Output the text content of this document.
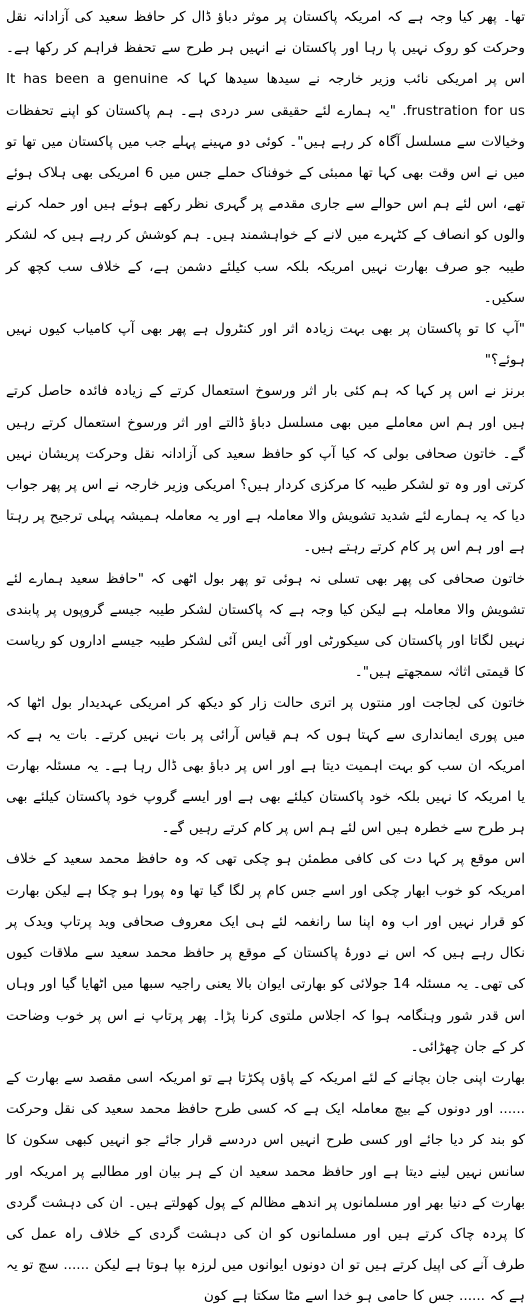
تھا۔ پھر کیا وجہ ہے کہ امریکہ پاکستان پر موثر دباؤ ڈال کر حافظ سعید کی آزادانہ نقل وحرکت کو روک نہیں پا رہا اور پاکستان نے انہیں ہر طرح سے تحفظ فراہم کر رکھا ہے۔ اس پر امریکی نائب وزیر خارجہ نے سیدھا سیدھا کہا کہ It has been a genuine frustration for us. "یہ ہمارے لئے حقیقی سر دردی ہے۔ ہم پاکستان کو اپنے تحفظات وخیالات سے مسلسل آگاہ کر رہے ہیں"۔ کوئی دو مہینے پہلے جب میں پاکستان میں تھا تو میں نے اس وقت بھی کہا تھا ممبئی کے خوفناک حملے جس میں 6 امریکی بھی ہلاک ہوئے تھے، اس لئے ہم اس حوالے سے جاری مقدمے پر گہری نظر رکھے ہوئے ہیں اور حملہ کرنے والوں کو انصاف کے کٹہرے میں لانے کے خواہشمند ہیں۔ ہم کوشش کر رہے ہیں کہ لشکر طیبہ جو صرف بھارت نہیں امریکہ بلکہ سب کیلئے دشمن ہے، کے خلاف سب کچھ کر سکیں۔

"آپ کا تو پاکستان پر بھی بہت زیادہ اثر اور کنٹرول ہے پھر بھی آپ کامیاب کیوں نہیں ہوئے؟"

برنز نے اس پر کہا کہ ہم کئی بار اثر ورسوخ استعمال کرتے کے زیادہ فائدہ حاصل کرتے ہیں اور ہم اس معاملے میں بھی مسلسل دباؤ ڈالتے اور اثر ورسوخ استعمال کرتے رہیں گے۔ خاتون صحافی بولی کہ کیا آپ کو حافظ سعید کی آزادانہ نقل وحرکت پریشان نہیں کرتی اور وہ تو لشکر طیبہ کا مرکزی کردار ہیں؟ امریکی وزیر خارجہ نے اس پر پھر جواب دیا کہ یہ ہمارے لئے شدید تشویش والا معاملہ ہے اور یہ معاملہ ہمیشہ پہلی ترجیح پر رہتا ہے اور ہم اس پر کام کرتے رہتے ہیں۔

خاتون صحافی کی پھر بھی تسلی نہ ہوئی تو پھر بول اٹھی کہ "حافظ سعید ہمارے لئے تشویش والا معاملہ ہے لیکن کیا وجہ ہے کہ پاکستان لشکر طیبہ جیسے گروپوں پر پابندی نہیں لگاتا اور پاکستان کی سیکورٹی اور آئی ایس آئی لشکر طیبہ جیسے اداروں کو ریاست کا قیمتی اثاثہ سمجھتے ہیں"۔

خاتون کی لجاجت اور منتوں پر اتری حالت زار کو دیکھ کر امریکی عہدیدار بول اٹھا کہ میں پوری ایمانداری سے کہتا ہوں کہ ہم قیاس آرائی پر بات نہیں کرتے۔ بات یہ ہے کہ امریکہ ان سب کو بہت اہمیت دیتا ہے اور اس پر دباؤ بھی ڈال رہا ہے۔ یہ مسئلہ بھارت یا امریکہ کا نہیں بلکہ خود پاکستان کیلئے بھی ہے اور ایسے گروپ خود پاکستان کیلئے بھی ہر طرح سے خطرہ ہیں اس لئے ہم اس پر کام کرتے رہیں گے۔

اس موقع پر کہا دت کی کافی مطمئن ہو چکی تھی کہ وہ حافظ محمد سعید کے خلاف امریکہ کو خوب ابھار چکی اور اسے جس کام پر لگا گیا تھا وہ پورا ہو چکا ہے لیکن بھارت کو قرار نہیں اور اب وہ اپنا سا رانغمہ لئے ہی ایک معروف صحافی وید پرتاپ ویدک پر نکال رہے ہیں کہ اس نے دورۂ پاکستان کے موقع پر حافظ محمد سعید سے ملاقات کیوں کی تھی۔ یہ مسئلہ 14 جولائی کو بھارتی ایوان بالا یعنی راجیہ سبھا میں اٹھایا گیا اور وہاں اس قدر شور وہنگامہ ہوا کہ اجلاس ملتوی کرنا پڑا۔ پھر پرتاپ نے اس پر خوب وضاحت کر کے جان چھڑائی۔

بھارت اپنی جان بچانے کے لئے امریکہ کے پاؤں پکڑتا ہے تو امریکہ اسی مقصد سے بھارت کے ...... اور دونوں کے بیچ معاملہ ایک ہے کہ کسی طرح حافظ محمد سعید کی نقل وحرکت کو بند کر دیا جائے اور کسی طرح انہیں اس دردسے قرار جائے جو انہیں کبھی سکون کا سانس نہیں لینے دیتا ہے اور حافظ محمد سعید ان کے ہر بیان اور مطالبے پر امریکہ اور بھارت کے دنیا بھر اور مسلمانوں پر اندھے مظالم کے پول کھولتے ہیں۔ ان کی دہشت گردی کا پردہ چاک کرتے ہیں اور مسلمانوں کو ان کی دہشت گردی کے خلاف راہ عمل کی طرف آنے کی اپیل کرتے ہیں تو ان دونوں ایوانوں میں لرزہ بپا ہوتا ہے لیکن ...... سچ تو یہ ہے کہ ...... جس کا حامی ہو خدا اسے مٹا سکتا ہے کون
